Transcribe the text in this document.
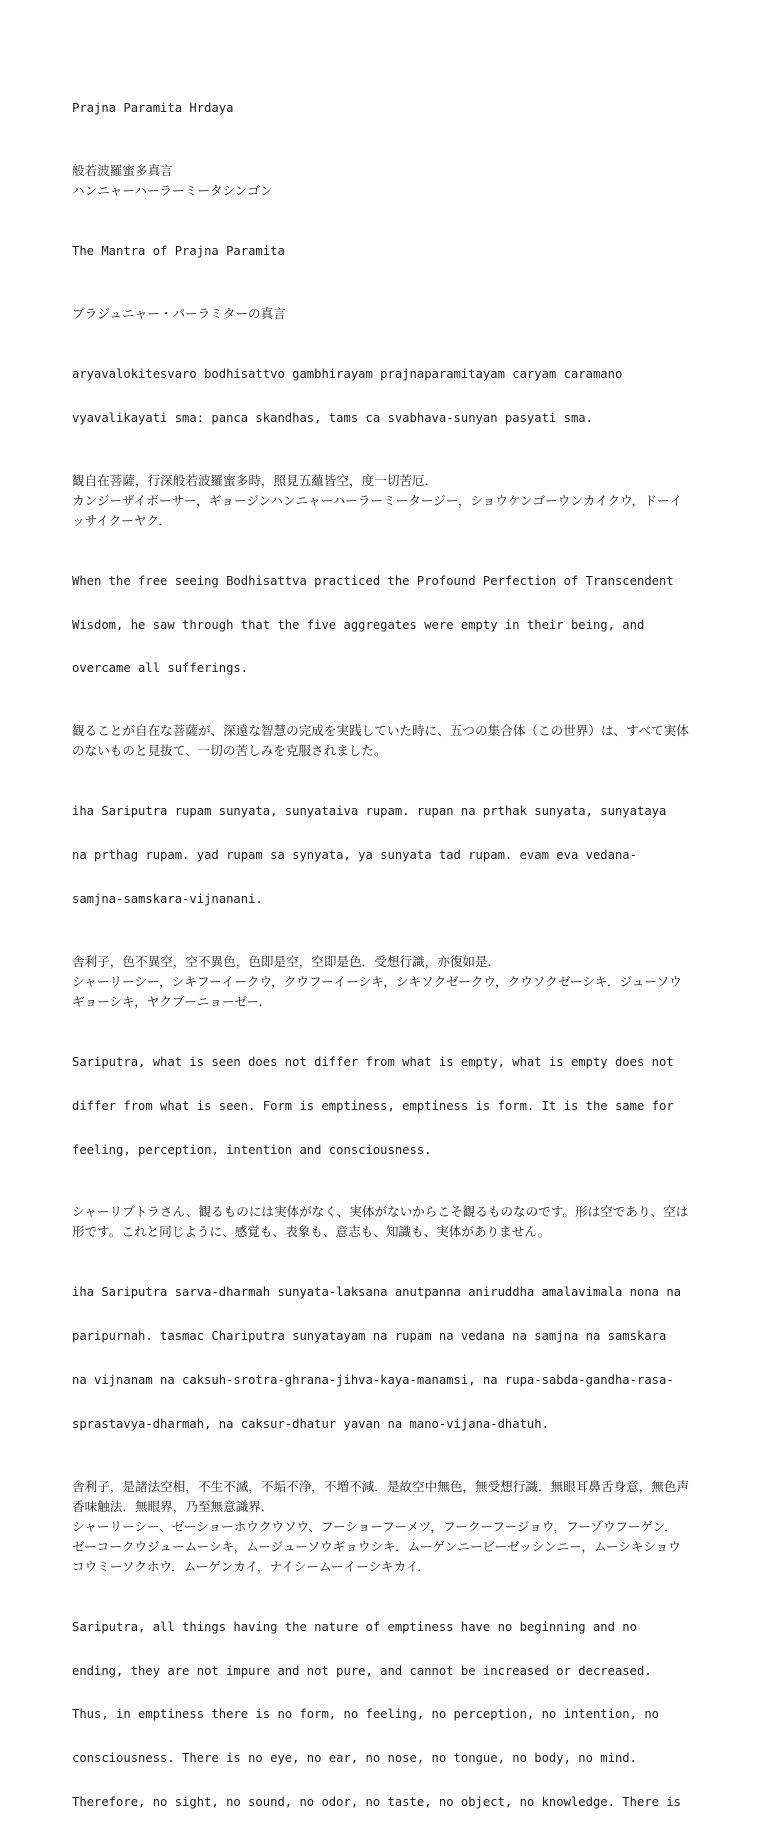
Prajna Paramita Hrdaya

般若波羅蜜多真言
ハンニャーハーラーミータシンゴン

The Mantra of Prajna Paramita

プラジュニャー・パーラミターの真言

aryavalokitesvaro bodhisattvo gambhirayam prajnaparamitayam caryam caramano

vyavalikayati sma: panca skandhas, tams ca svabhava-sunyan pasyati sma.

観自在菩薩，行深般若波羅蜜多時，照見五蘊皆空，度一切苦厄．
カンジーザイボーサー，ギョージンハンニャーハーラーミータージー，ショウケンゴーウンカイクウ，ドーイ
ッサイクーヤク．

When the free seeing Bodhisattva practiced the Profound Perfection of Transcendent

Wisdom, he saw through that the five aggregates were empty in their being, and

overcame all sufferings.

観ることが自在な菩薩が、深遠な智慧の完成を実践していた時に、五つの集合体（この世界）は、すべて実体
のないものと見抜て、一切の苦しみを克服されました。

iha Sariputra rupam sunyata, sunyataiva rupam. rupan na prthak sunyata, sunyataya

na prthag rupam. yad rupam sa synyata, ya sunyata tad rupam. evam eva vedana-

samjna-samskara-vijnanani.

舎利子，色不異空，空不異色，色即是空，空即是色．受想行識，亦復如是．
シャーリーシー，シキフーイークウ，クウフーイーシキ，シキソクゼークウ，クウソクゼーシキ．ジューソウ
ギョーシキ，ヤクブーニョーゼー．

Sariputra, what is seen does not differ from what is empty, what is empty does not

differ from what is seen. Form is emptiness, emptiness is form. It is the same for

feeling, perception, intention and consciousness.

シャーリプトラさん、観るものには実体がなく、実体がないからこそ観るものなのです。形は空であり、空は
形です。これと同じように、感覚も、表象も、意志も、知識も、実体がありません。

iha Sariputra sarva-dharmah sunyata-laksana anutpanna aniruddha amalavimala nona na

paripurnah. tasmac Chariputra sunyatayam na rupam na vedana na samjna na samskara

na vijnanam na caksuh-srotra-ghrana-jihva-kaya-manamsi, na rupa-sabda-gandha-rasa-

sprastavya-dharmah, na caksur-dhatur yavan na mano-vijana-dhatuh.

舎利子，是諸法空相，不生不滅，不垢不浄，不増不減．是故空中無色，無受想行識．無眼耳鼻舌身意，無色声
香味触法．無眼界，乃至無意識界．
シャーリーシー、ゼーショーホウクウソウ、フーショーフーメツ，フークーフージョウ，フーゾウフーゲン．
ゼーコークウジュームーシキ，ムージューソウギョウシキ．ムーゲンニービーゼッシンニー，ムーシキショウ
コウミーソクホウ．ムーゲンカイ，ナイシームーイーシキカイ．

Sariputra, all things having the nature of emptiness have no beginning and no

ending, they are not impure and not pure, and cannot be increased or decreased.

Thus, in emptiness there is no form, no feeling, no perception, no intention, no

consciousness. There is no eye, no ear, no nose, no tongue, no body, no mind.

Therefore, no sight, no sound, no odor, no taste, no object, no knowledge. There is
